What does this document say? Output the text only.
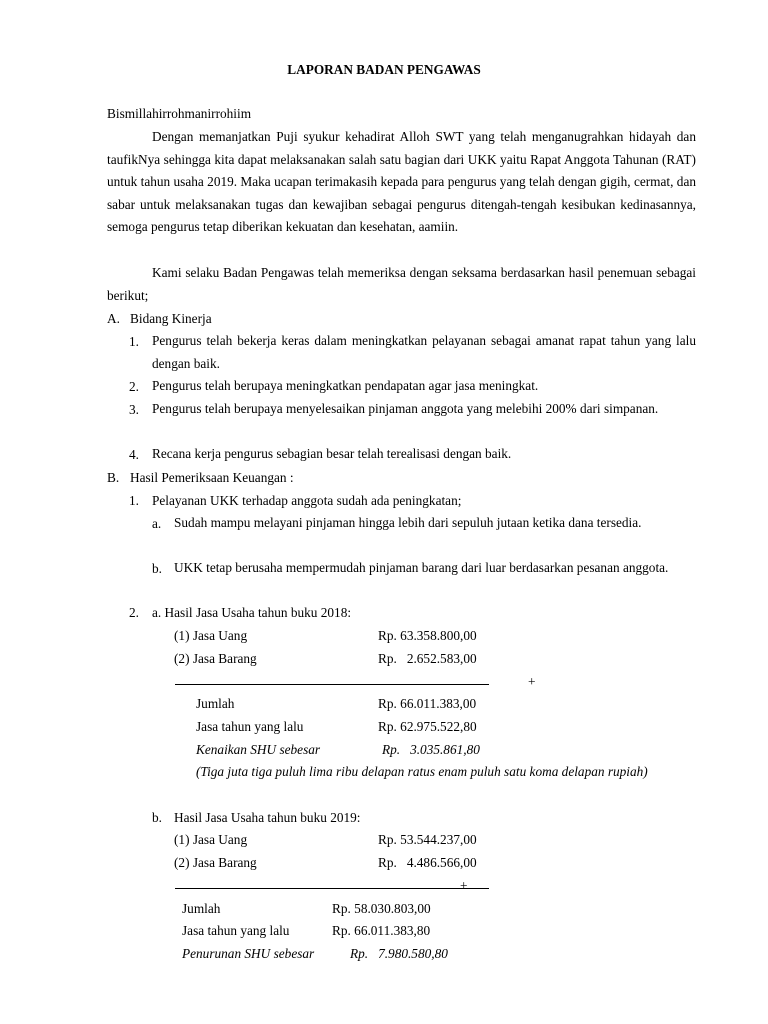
LAPORAN BADAN PENGAWAS
Bismillahirrohmanirrohiim
Dengan memanjatkan Puji syukur kehadirat Alloh SWT yang telah menganugrahkan hidayah dan taufikNya sehingga kita dapat melaksanakan salah satu bagian dari UKK yaitu Rapat Anggota Tahunan (RAT) untuk tahun usaha 2019. Maka ucapan terimakasih kepada para pengurus yang telah dengan gigih, cermat, dan sabar untuk melaksanakan tugas dan kewajiban sebagai pengurus ditengah-tengah kesibukan kedinasannya, semoga pengurus tetap diberikan kekuatan dan kesehatan, aamiin.
Kami selaku Badan Pengawas telah memeriksa dengan seksama berdasarkan hasil penemuan sebagai berikut;
A. Bidang Kinerja
1. Pengurus telah bekerja keras dalam meningkatkan pelayanan sebagai amanat rapat tahun yang lalu dengan baik.
2. Pengurus telah berupaya meningkatkan pendapatan agar jasa meningkat.
3. Pengurus telah berupaya menyelesaikan pinjaman anggota yang melebihi 200% dari simpanan.
4. Recana kerja pengurus sebagian besar telah terealisasi dengan baik.
B. Hasil Pemeriksaan Keuangan :
1. Pelayanan UKK terhadap anggota sudah ada peningkatan;
a. Sudah mampu melayani pinjaman hingga lebih dari sepuluh jutaan ketika dana tersedia.
b. UKK tetap berusaha mempermudah pinjaman barang dari luar berdasarkan pesanan anggota.
2. a. Hasil Jasa Usaha tahun buku 2018:
(1) Jasa Uang	Rp. 63.358.800,00
(2) Jasa Barang	Rp.   2.652.583,00
+
Jumlah	Rp. 66.011.383,00
Jasa tahun yang lalu	Rp. 62.975.522,80
Kenaikan SHU sebesar	Rp.   3.035.861,80
(Tiga juta tiga puluh lima ribu delapan ratus enam puluh satu koma delapan rupiah)
b. Hasil Jasa Usaha tahun buku 2019:
(1) Jasa Uang	Rp. 53.544.237,00
(2) Jasa Barang	Rp.   4.486.566,00
+
Jumlah	Rp. 58.030.803,00
Jasa tahun yang lalu	Rp. 66.011.383,80
Penurunan SHU sebesar	Rp.   7.980.580,80
